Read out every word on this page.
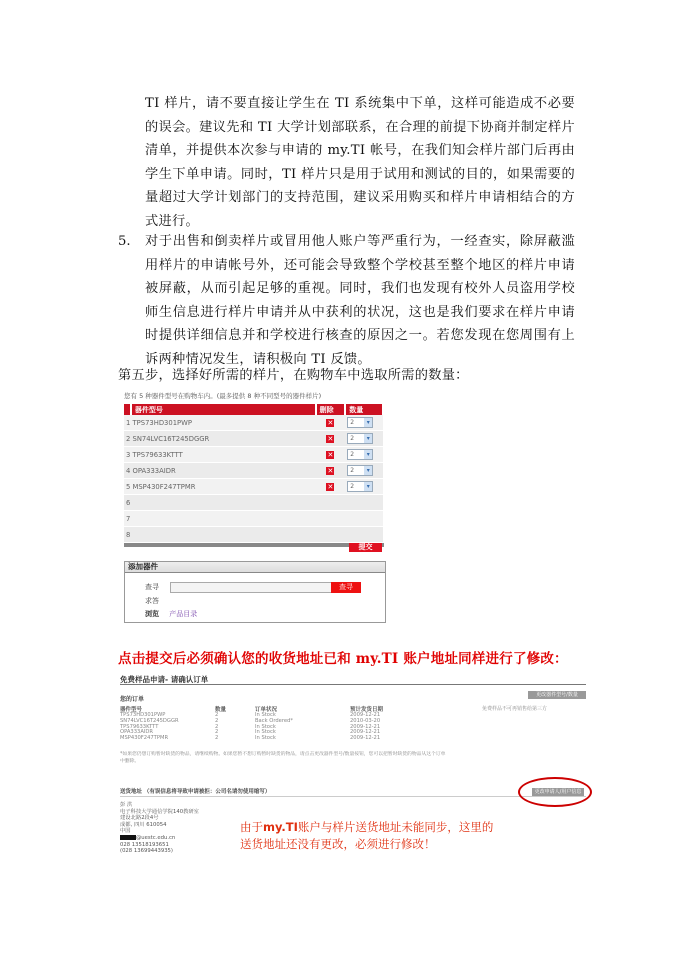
TI 样片，请不要直接让学生在 TI 系统集中下单，这样可能造成不必要的误会。建议先和 TI 大学计划部联系，在合理的前提下协商并制定样片清单，并提供本次参与申请的 my.TI 帐号，在我们知会样片部门后再由学生下单申请。同时，TI 样片只是用于试用和测试的目的，如果需要的量超过大学计划部门的支持范围，建议采用购买和样片申请相结合的方式进行。
5. 对于出售和倒卖样片或冒用他人账户等严重行为，一经查实，除屏蔽滥用样片的申请帐号外，还可能会导致整个学校甚至整个地区的样片申请被屏蔽，从而引起足够的重视。同时，我们也发现有校外人员盗用学校师生信息进行样片申请并从中获利的状况，这也是我们要求在样片申请时提供详细信息并和学校进行核查的原因之一。若您发现在您周围有上诉两种情况发生，请积极向 TI 反馈。
第五步，选择好所需的样片，在购物车中选取所需的数量：
您有 5 种器件型号在购物车内。(最多提供 8 种不同型号的器件样片)
	器件型号	删除	数量
1 TPS73HD301PWP		✕	2 ▾

2 SN74LVC16T245DGGR		✕	2 ▾

3 TPS79633KTTT		✕	2 ▾

4 OPA333AIDR		✕	2 ▾

5 MSP430F247TPMR		✕	2 ▾

6			
7			
8			
提交
添加器件
查寻	查寻
求答
浏览 产品目录
点击提交后必须确认您的收货地址已和 my.TI 账户地址同样进行了修改：
免费样品申请- 请确认订单
您的订单
更改器件型号/数量
器件型号	数量	订单状况	预计发货日期
TPS73HD301PWP	2	In Stock	2009-12-21
SN74LVC16T245DGGR	2	Back Ordered*	2010-03-20
TPS79633KTTT	2	In Stock	2009-12-21
OPA333AIDR	2	In Stock	2009-12-21
MSP430F247TPMR	2	In Stock	2009-12-21
免费样品不可再销售给第三方
*如果您仍想订购暂时缺货的物品，请继续购物。如果您暂不想订购暂时缺货的物品，请点击更改器件型号/数量按钮，您可以把暂时缺货的物品从这个订单中删除。
送货地址 （有误信息将导致申请被拒：公司名请勿使用缩写）	更改申请人/用户信息
彭 洪
电子科技大学通信学院140教研室
建设北路2段4号
成都, 四川 610054
中国
@uestc.edu.cn
028 13518193651
(028 13699443935)
由于my.TI账户与样片送货地址未能同步，这里的
送货地址还没有更改，必须进行修改！
